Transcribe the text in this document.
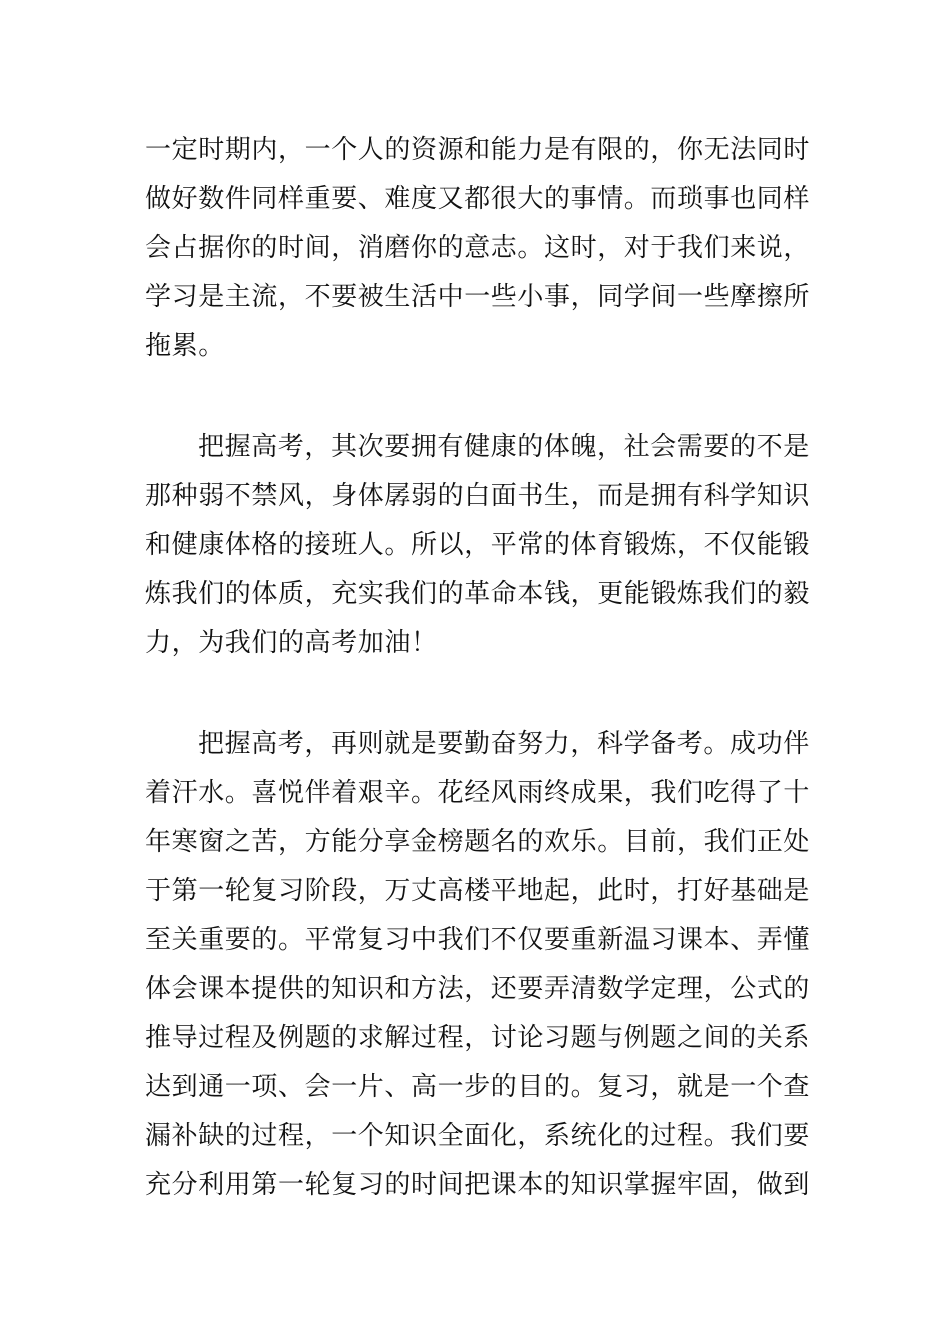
一定时期内，一个人的资源和能力是有限的，你无法同时
做好数件同样重要、难度又都很大的事情。而琐事也同样
会占据你的时间，消磨你的意志。这时，对于我们来说，
学习是主流，不要被生活中一些小事，同学间一些摩擦所
拖累。
把握高考，其次要拥有健康的体魄，社会需要的不是
那种弱不禁风，身体孱弱的白面书生，而是拥有科学知识
和健康体格的接班人。所以，平常的体育锻炼，不仅能锻
炼我们的体质，充实我们的革命本钱，更能锻炼我们的毅
力，为我们的高考加油！
把握高考，再则就是要勤奋努力，科学备考。成功伴
着汗水。喜悦伴着艰辛。花经风雨终成果，我们吃得了十
年寒窗之苦，方能分享金榜题名的欢乐。目前，我们正处
于第一轮复习阶段，万丈高楼平地起，此时，打好基础是
至关重要的。平常复习中我们不仅要重新温习课本、弄懂
体会课本提供的知识和方法，还要弄清数学定理，公式的
推导过程及例题的求解过程，讨论习题与例题之间的关系
达到通一项、会一片、高一步的目的。复习，就是一个查
漏补缺的过程，一个知识全面化，系统化的过程。我们要
充分利用第一轮复习的时间把课本的知识掌握牢固，做到
